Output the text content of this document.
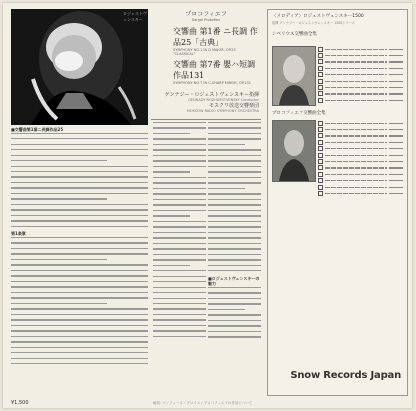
ロジェストヴェンスキー
■交響曲第1番ニ長調作品25
第1楽章
プロコフィエフ
Sergei Prokofiev
交響曲 第1番 ニ長調 作品25「古典」
SYMPHONY NO.1 IN D MAJOR, OP.25 "CLASSICAL"
交響曲 第7番 嬰ハ短調 作品131
SYMPHONY NO.7 IN C-SHARP MINOR, OP.131
ゲンナジー・ロジェストヴェンスキー指揮
GENNADY ROZHDESTVENSKY Conductor
モスクワ放送交響楽団
MOSCOW RADIO SYMPHONY ORCHESTRA
■ロジェストヴェンスキーの魅力
¥1,500	解説: ナンフィーヌ・プロイス / プロコフィエフの作品について
〈メロディア〉ロジェストヴェンスキー1500
指揮 ゲンナジー・ロジェストヴェンスキー 1500シリーズ
シベリウス交響曲全集
プロコフィエフ交響曲全集
Snow Records Japan
